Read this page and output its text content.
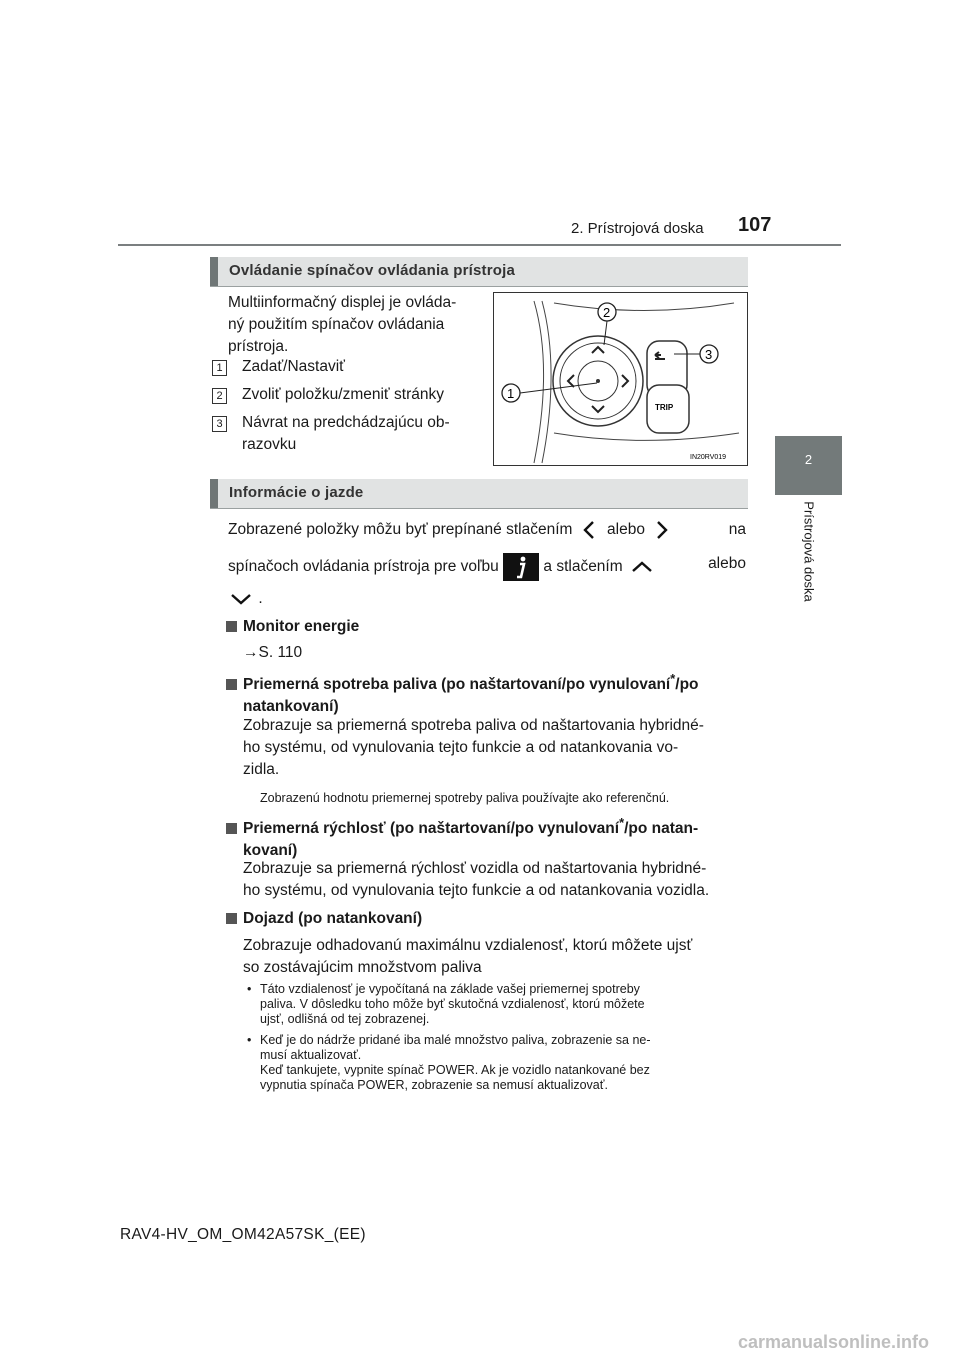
2. Prístrojová doska 107
2
Prístrojová doska
Ovládanie spínačov ovládania prístroja
Multiinformačný displej je ovláda-
ný použitím spínačov ovládania
prístroja.
1 Zadať/Nastaviť
2 Zvoliť položku/zmeniť stránky
3 Návrat na predchádzajúcu ob-
razovku
TRIP
2
3
1
IN20RV019
Informácie o jazde
Zobrazené položky môžu byť prepínané stlačením alebo	na
spínačoch ovládania prístroja pre voľbu	a stlačením	alebo
.
Monitor energie
→S. 110
Priemerná spotreba paliva (po naštartovaní/po vynulovaní*/po
natankovaní)
Zobrazuje sa priemerná spotreba paliva od naštartovania hybridné-
ho systému, od vynulovania tejto funkcie a od natankovania vo-
zidla.
Zobrazenú hodnotu priemernej spotreby paliva používajte ako referenčnú.
Priemerná rýchlosť (po naštartovaní/po vynulovaní*/po natan-
kovaní)
Zobrazuje sa priemerná rýchlosť vozidla od naštartovania hybridné-
ho systému, od vynulovania tejto funkcie a od natankovania vozidla.
Dojazd (po natankovaní)
Zobrazuje odhadovanú maximálnu vzdialenosť, ktorú môžete ujsť
so zostávajúcim množstvom paliva
• Táto vzdialenosť je vypočítaná na základe vašej priemernej spotreby
paliva. V dôsledku toho môže byť skutočná vzdialenosť, ktorú môžete
ujsť, odlišná od tej zobrazenej.
• Keď je do nádrže pridané iba malé množstvo paliva, zobrazenie sa ne-
musí aktualizovať.
Keď tankujete, vypnite spínač POWER. Ak je vozidlo natankované bez
vypnutia spínača POWER, zobrazenie sa nemusí aktualizovať.
RAV4-HV_OM_OM42A57SK_(EE)
carmanualsonline.info
